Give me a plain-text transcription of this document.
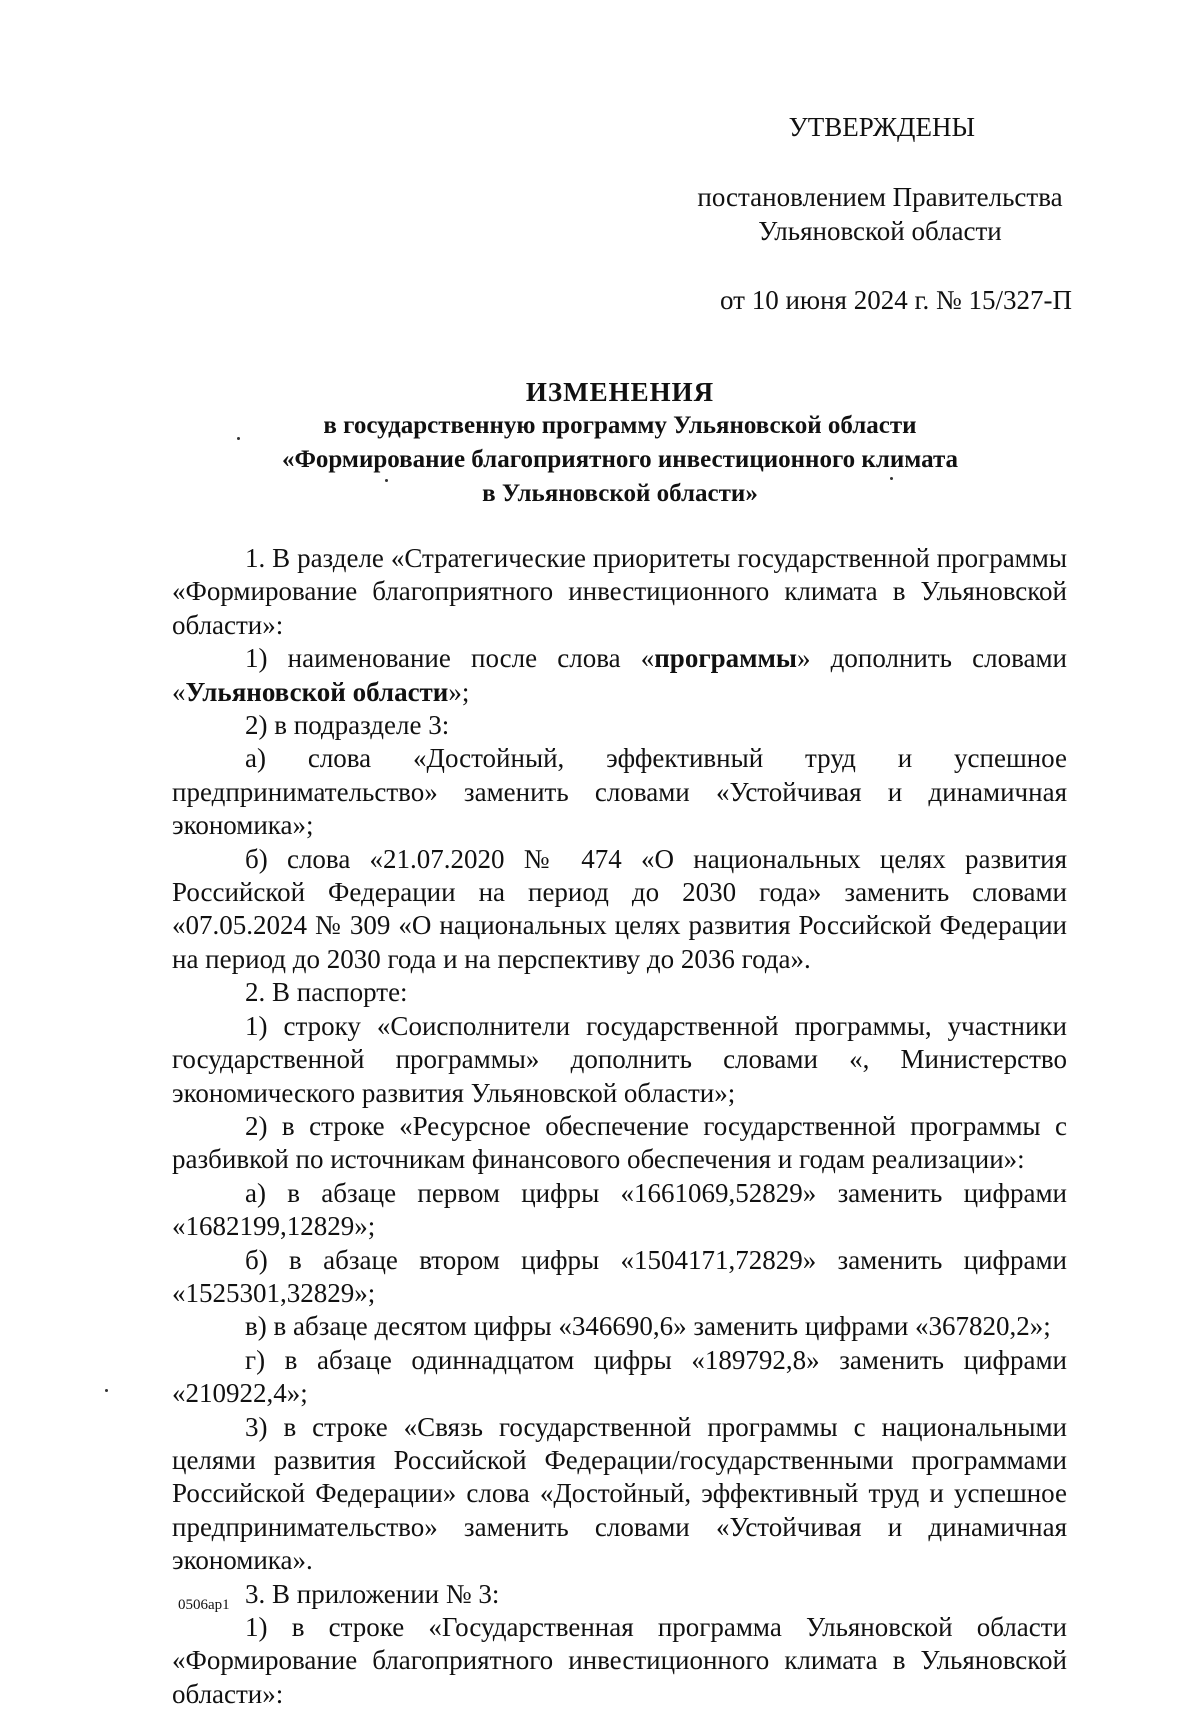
УТВЕРЖДЕНЫ
постановлением Правительства
Ульяновской области
от 10 июня 2024 г. № 15/327-П
ИЗМЕНЕНИЯ
в государственную программу Ульяновской области
«Формирование благоприятного инвестиционного климата
в Ульяновской области»

1. В разделе «Стратегические приоритеты государственной программы «Формирование благоприятного инвестиционного климата в Ульяновской области»:

1) наименование после слова «программы» дополнить словами «Ульяновской области»;

2) в подразделе 3:

а) слова «Достойный, эффективный труд и успешное предпринимательство» заменить словами «Устойчивая и динамичная экономика»;

б) слова «21.07.2020 № 474 «О национальных целях развития Российской Федерации на период до 2030 года» заменить словами «07.05.2024 № 309 «О национальных целях развития Российской Федерации на период до 2030 года и на перспективу до 2036 года».

2. В паспорте:

1) строку «Соисполнители государственной программы, участники государственной программы» дополнить словами «, Министерство экономического развития Ульяновской области»;

2) в строке «Ресурсное обеспечение государственной программы с разбивкой по источникам финансового обеспечения и годам реализации»:

а) в абзаце первом цифры «1661069,52829» заменить цифрами «1682199,12829»;

б) в абзаце втором цифры «1504171,72829» заменить цифрами «1525301,32829»;

в) в абзаце десятом цифры «346690,6» заменить цифрами «367820,2»;

г) в абзаце одиннадцатом цифры «189792,8» заменить цифрами «210922,4»;

3) в строке «Связь государственной программы с национальными целями развития Российской Федерации/государственными программами Российской Федерации» слова «Достойный, эффективный труд и успешное предпринимательство» заменить словами «Устойчивая и динамичная экономика».

3. В приложении № 3:

1) в строке «Государственная программа Ульяновской области «Формирование благоприятного инвестиционного климата в Ульяновской области»:

0506ар1
